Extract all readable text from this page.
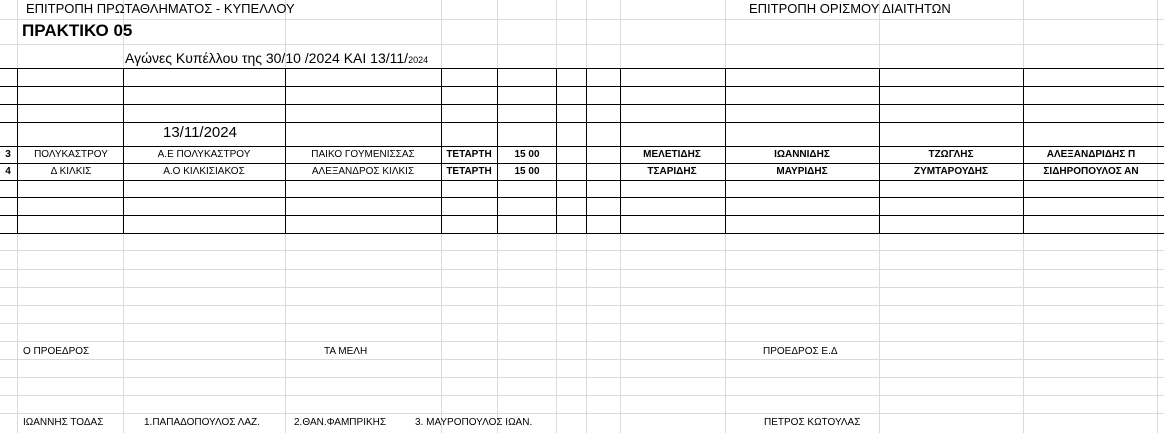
ΕΠΙΤΡΟΠΗ ΠΡΩΤΑΘΛΗΜΑΤΟΣ - ΚΥΠΕΛΛΟΥ	ΕΠΙΤΡΟΠΗ ΟΡΙΣΜΟΥ ΔΙΑΙΤΗΤΩΝ
ΠΡΑΚΤΙΚΟ 05
Αγώνες Κυπέλλου της 30/10 /2024 ΚΑΙ 13/11/2024
13/11/2024
3 ΠΟΛΥΚΑΣΤΡΟΥ	Α.Ε ΠΟΛΥΚΑΣΤΡΟΥ	ΠΑΙΚΟ ΓΟΥΜΕΝΙΣΣΑΣ	ΤΕΤΑΡΤΗ 15 00	ΜΕΛΕΤΙΔΗΣ	ΙΩΑΝΝΙΔΗΣ	ΤΖΩΓΛΗΣ	ΑΛΕΞΑΝΔΡΙΔΗΣ Π
4	Δ ΚΙΛΚΙΣ	Α.Ο ΚΙΛΚΙΣΙΑΚΟΣ	ΑΛΕΞΑΝΔΡΟΣ ΚΙΛΚΙΣ	ΤΕΤΑΡΤΗ 15 00	ΤΣΑΡΙΔΗΣ	ΜΑΥΡΙΔΗΣ	ΖΥΜΤΑΡΟΥΔΗΣ	ΣΙΔΗΡΟΠΟΥΛΟΣ ΑΝ
Ο ΠΡΟΕΔΡΟΣ	ΤΑ ΜΕΛΗ	ΠΡΟΕΔΡΟΣ Ε.Δ
ΙΩΑΝΝΗΣ ΤΟΔΑΣ	1.ΠΑΠΑΔΟΠΟΥΛΟΣ ΛΑΖ.	2.ΘΑΝ.ΦΑΜΠΡΙΚΗΣ	3. ΜΑΥΡΟΠΟΥΛΟΣ ΙΩΑΝ.	ΠΕΤΡΟΣ ΚΩΤΟΥΛΑΣ
